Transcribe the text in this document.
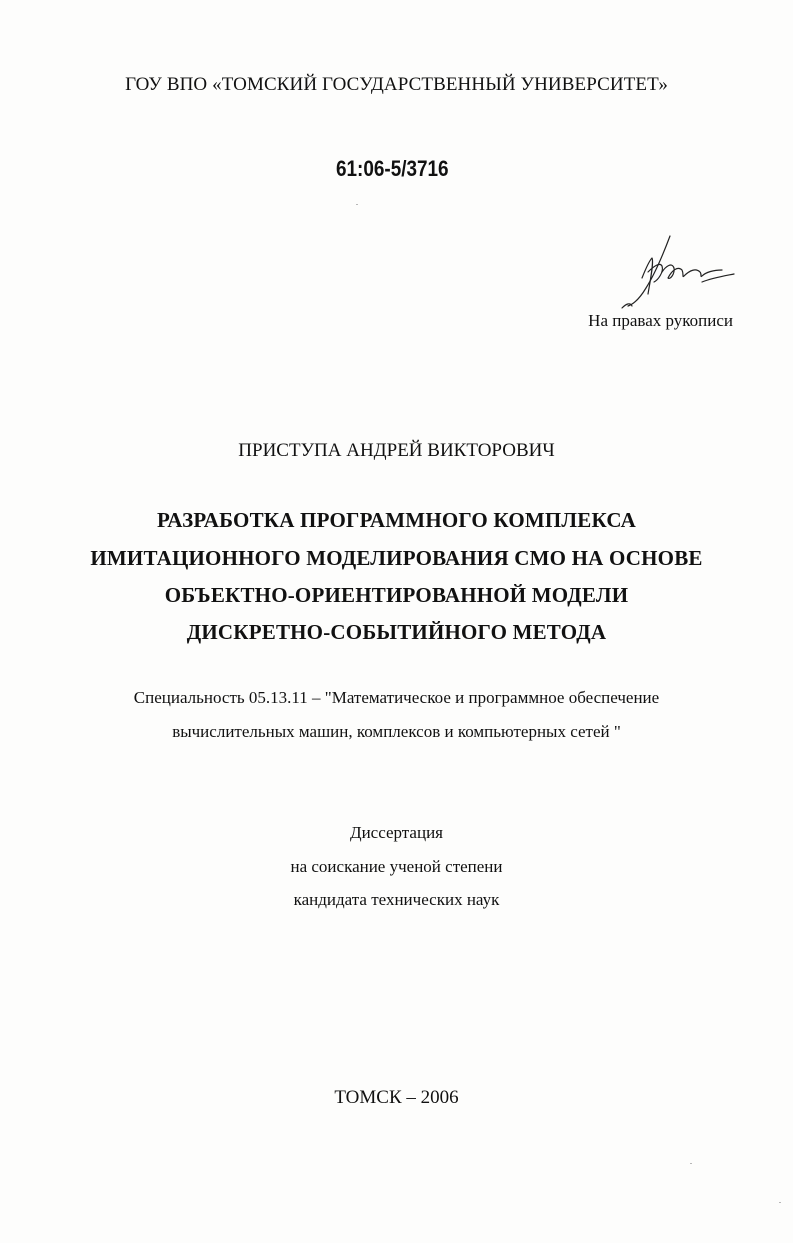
ГОУ ВПО «ТОМСКИЙ ГОСУДАРСТВЕННЫЙ УНИВЕРСИТЕТ»
61:06-5/3716
На правах рукописи
ПРИСТУПА АНДРЕЙ ВИКТОРОВИЧ
РАЗРАБОТКА ПРОГРАММНОГО КОМПЛЕКСА
ИМИТАЦИОННОГО МОДЕЛИРОВАНИЯ СМО НА ОСНОВЕ
ОБЪЕКТНО-ОРИЕНТИРОВАННОЙ МОДЕЛИ
ДИСКРЕТНО-СОБЫТИЙНОГО МЕТОДА
Специальность 05.13.11 – "Математическое и программное обеспечение
вычислительных машин, комплексов и компьютерных сетей "
Диссертация
на соискание ученой степени
кандидата технических наук
ТОМСК – 2006
